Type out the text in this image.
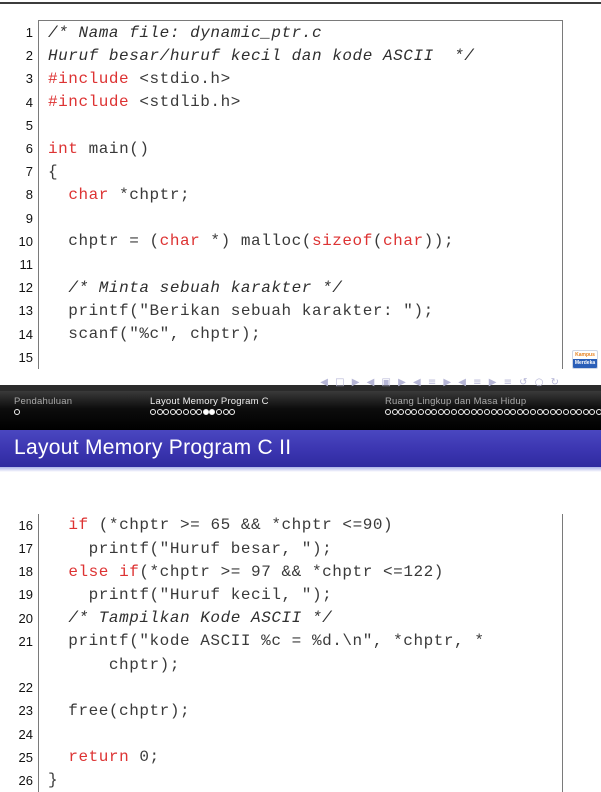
1 /* Nama file: dynamic_ptr.c
2 Huruf besar/huruf kecil dan kode ASCII  */
3 #include <stdio.h>
4 #include <stdlib.h>
5
6 int main()
7 {
8	char *chptr;
9
10 chptr = (char *) malloc(sizeof(char));
11
12	/* Minta sebuah karakter */
13 printf("Berikan sebuah karakter: ");
14 scanf("%c", chptr);
15
◀ □ ▶ ◀ ▣ ▶ ◀ ≡ ▶ ◀ ≡ ▶ ≡ ↺ ○ ↻
Kampus
Merdeka
Pendahuluan	Layout Memory Program C	Ruang Lingkup dan Masa Hidup
Layout Memory Program C II
16	if (*chptr >= 65 && *chptr <=90)
17 printf("Huruf besar, ");
18	else if(*chptr >= 97 && *chptr <=122)
19 printf("Huruf kecil, ");
20	/* Tampilkan Kode ASCII */
21 printf("kode ASCII %c = %d.\n", *chptr, *
chptr);
22
23 free(chptr);
24
25	return 0;
26 }
